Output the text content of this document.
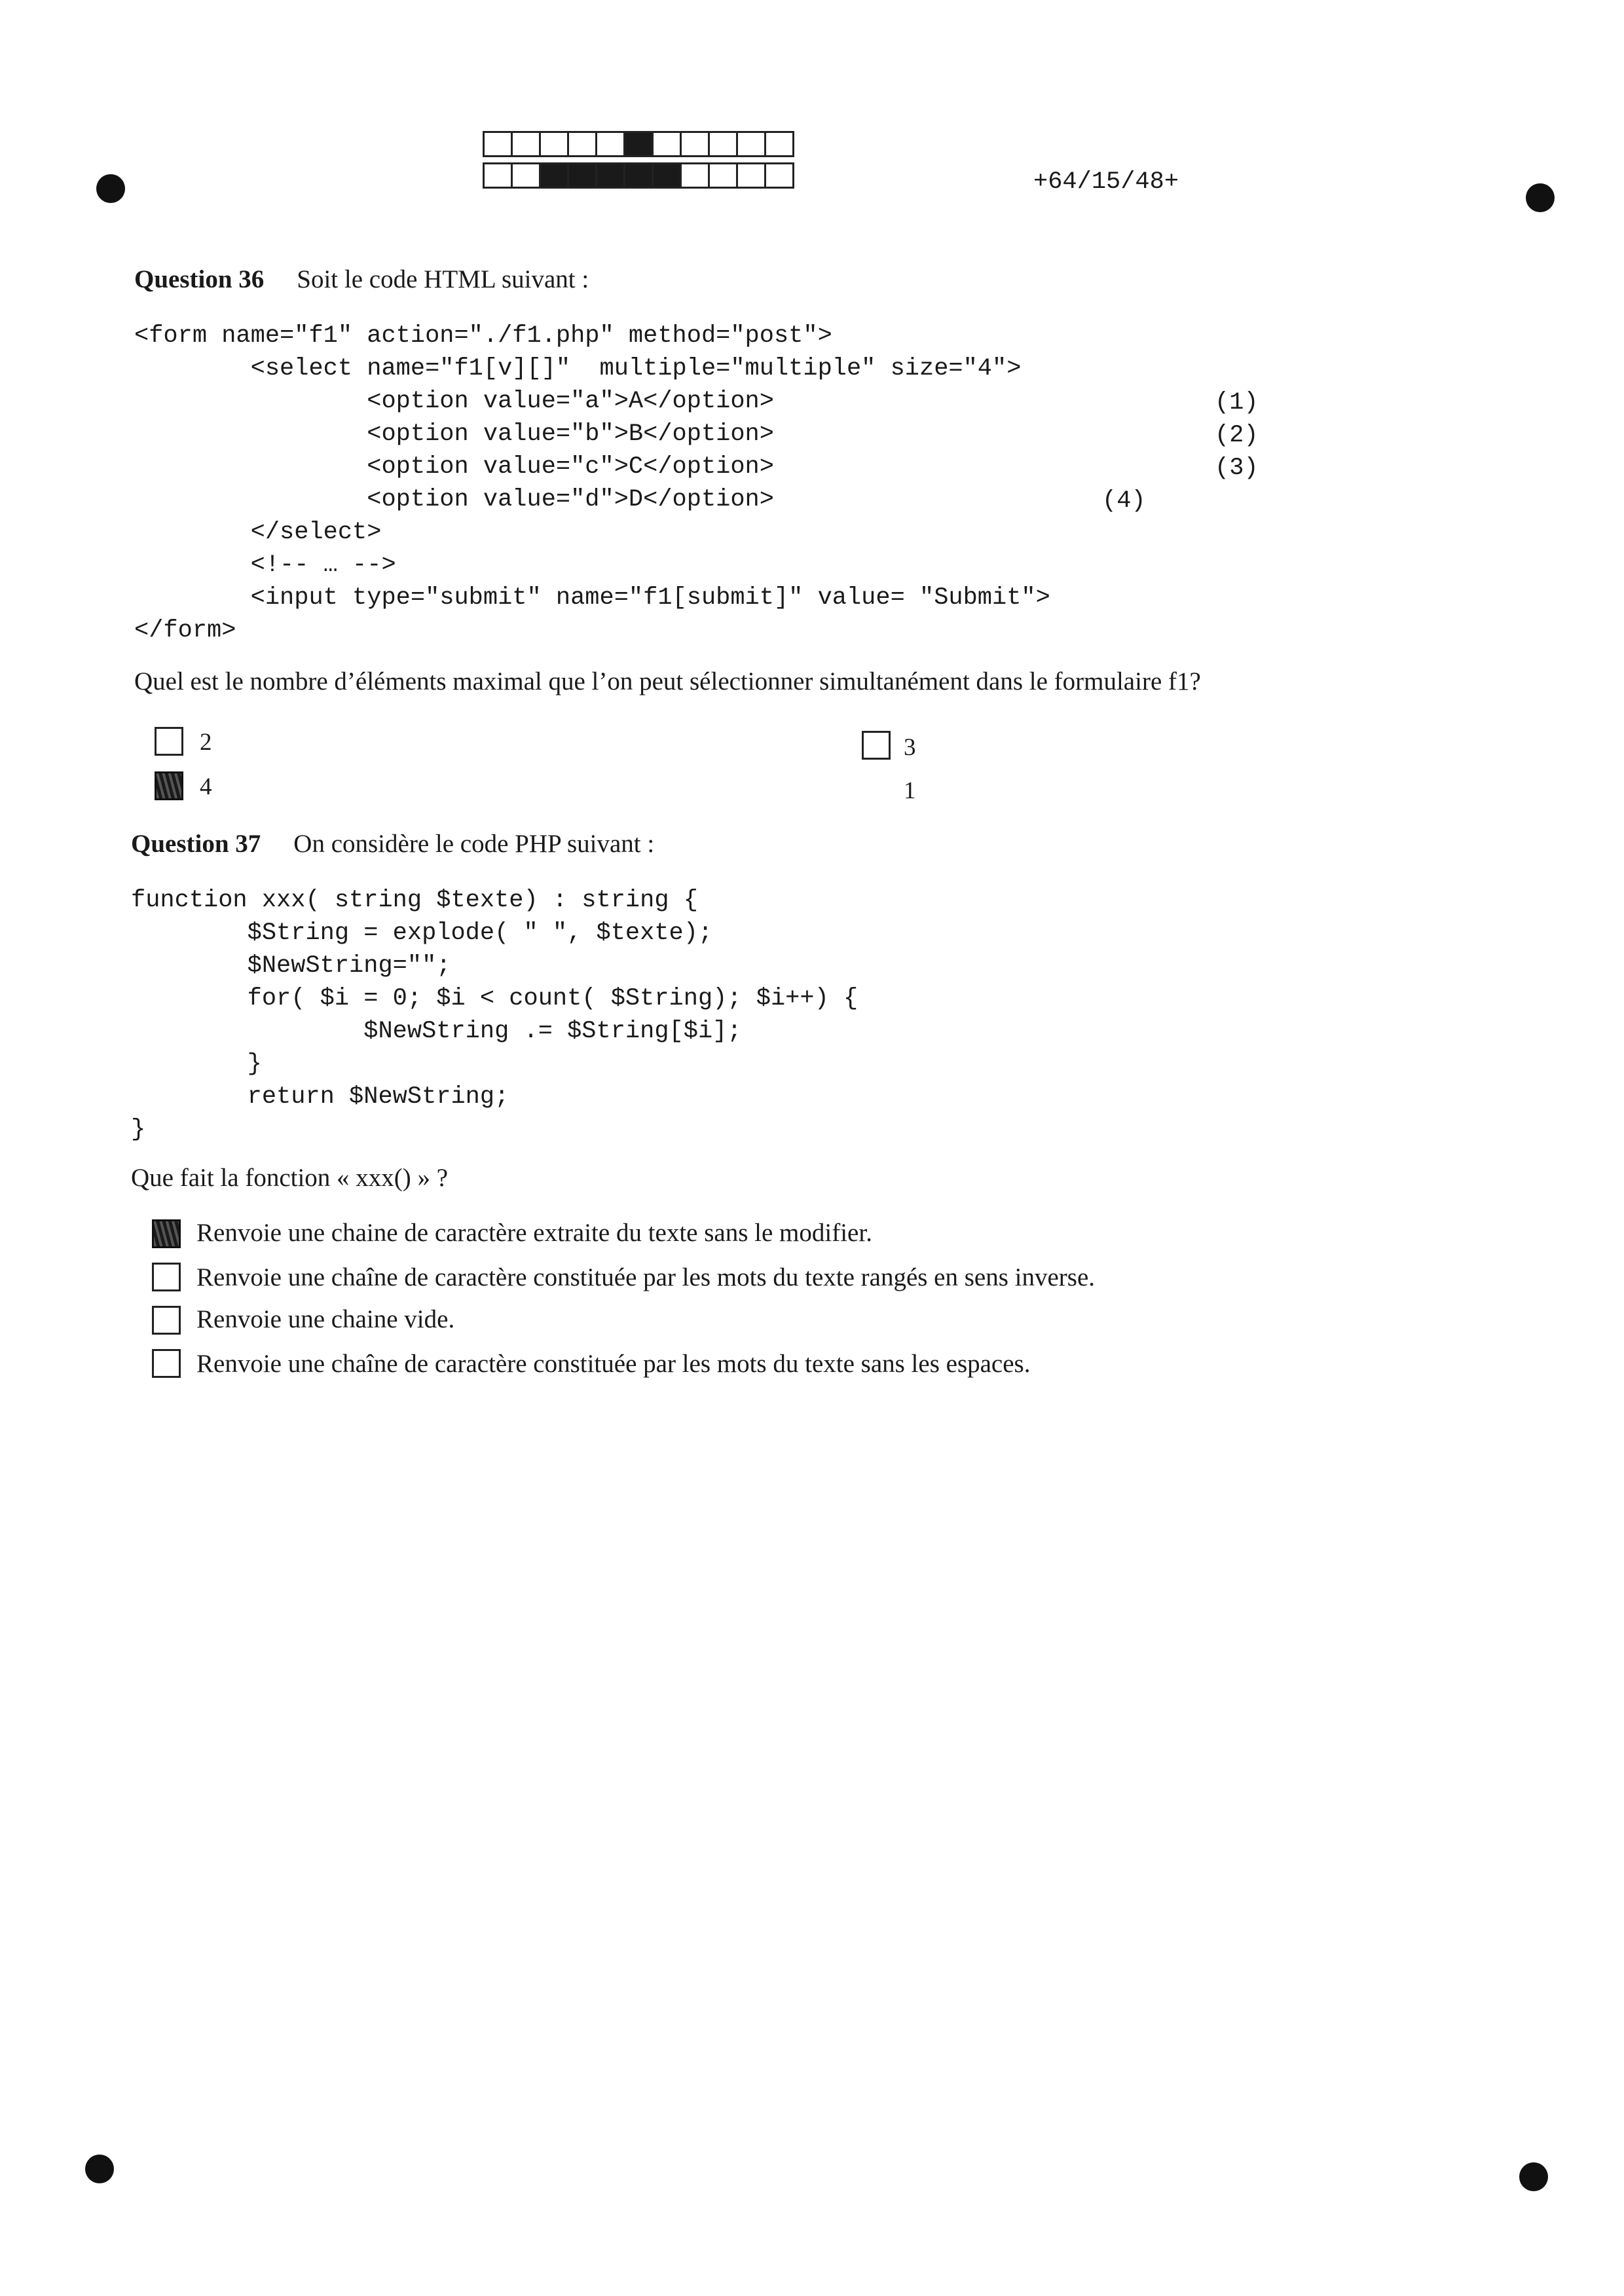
+64/15/48+
Question 36 Soit le code HTML suivant :
<form name="f1" action="./f1.php" method="post">
<select name="f1[v][]"  multiple="multiple" size="4">
<option value="a">A</option>
<option value="b">B</option>
<option value="c">C</option>
<option value="d">D</option>
</select>
<!-- … -->
<input type="submit" name="f1[submit]" value= "Submit">
</form>
(1)
(2)
(3)
(4)
Quel est le nombre d’éléments maximal que l’on peut sélectionner simultanément dans le formulaire f1?
2	3
4	1
Question 37 On considère le code PHP suivant :
function xxx( string $texte) : string {
$String = explode( " ", $texte);
$NewString="";
for( $i = 0; $i < count( $String); $i++) {
$NewString .= $String[$i];
}
return $NewString;
}
Que fait la fonction « xxx() » ?
Renvoie une chaine de caractère extraite du texte sans le modifier.
Renvoie une chaîne de caractère constituée par les mots du texte rangés en sens inverse.
Renvoie une chaine vide.
Renvoie une chaîne de caractère constituée par les mots du texte sans les espaces.
